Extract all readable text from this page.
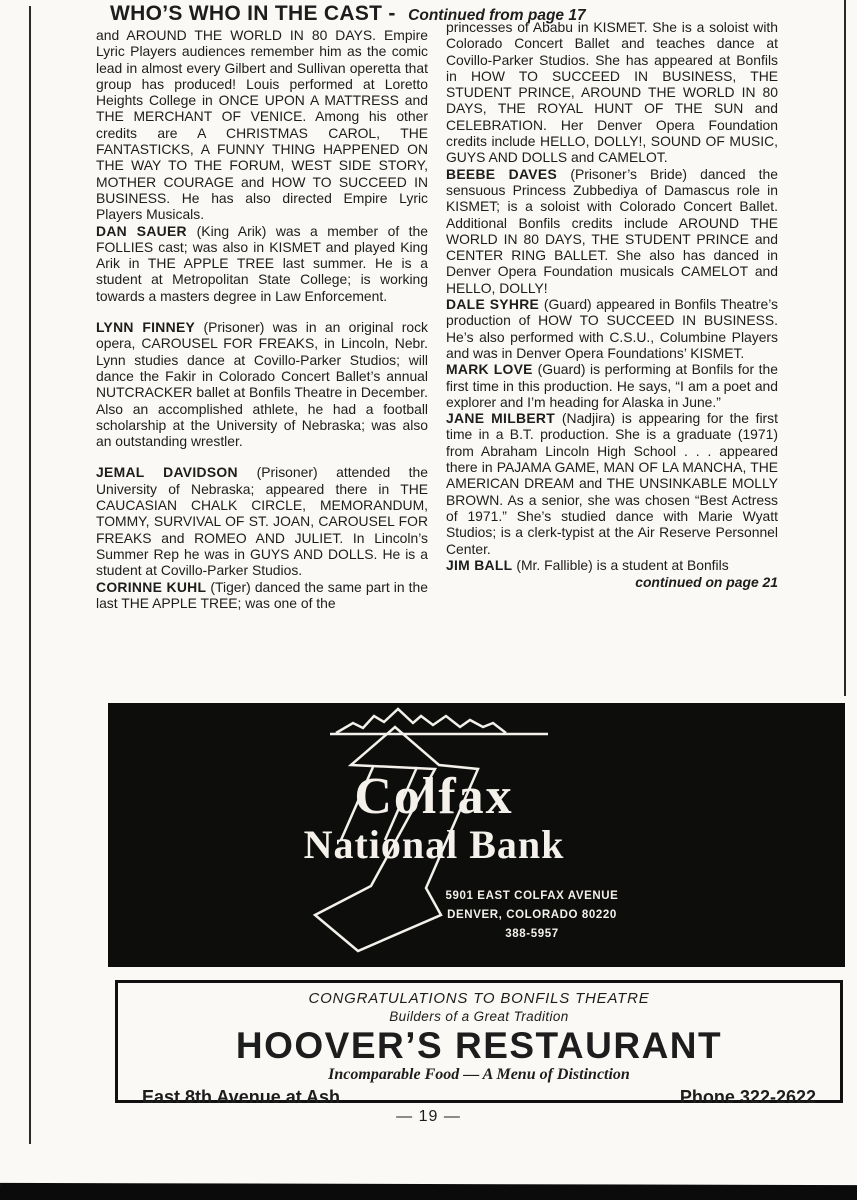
WHO’S WHO IN THE CAST - Continued from page 17

and AROUND THE WORLD IN 80 DAYS. Empire Lyric Players audiences remember him as the comic lead in almost every Gilbert and Sullivan operetta that group has produced! Louis performed at Loretto Heights College in ONCE UPON A MATTRESS and THE MERCHANT OF VENICE. Among his other credits are A CHRISTMAS CAROL, THE FANTASTICKS, A FUNNY THING HAPPENED ON THE WAY TO THE FORUM, WEST SIDE STORY, MOTHER COURAGE and HOW TO SUCCEED IN BUSINESS. He has also directed Empire Lyric Players Musicals.

DAN SAUER (King Arik) was a member of the FOLLIES cast; was also in KISMET and played King Arik in THE APPLE TREE last summer. He is a student at Metropolitan State College; is working towards a masters degree in Law Enforcement.

LYNN FINNEY (Prisoner) was in an original rock opera, CAROUSEL FOR FREAKS, in Lincoln, Nebr. Lynn studies dance at Covillo-Parker Studios; will dance the Fakir in Colorado Concert Ballet’s annual NUTCRACKER ballet at Bonfils Theatre in December. Also an accomplished athlete, he had a football scholarship at the University of Nebraska; was also an outstanding wrestler.

JEMAL DAVIDSON (Prisoner) attended the University of Nebraska; appeared there in THE CAUCASIAN CHALK CIRCLE, MEMORANDUM, TOMMY, SURVIVAL OF ST. JOAN, CAROUSEL FOR FREAKS and ROMEO AND JULIET. In Lincoln’s Summer Rep he was in GUYS AND DOLLS. He is a student at Covillo-Parker Studios.

CORINNE KUHL (Tiger) danced the same part in the last THE APPLE TREE; was one of the

princesses of Ababu in KISMET. She is a soloist with Colorado Concert Ballet and teaches dance at Covillo-Parker Studios. She has appeared at Bonfils in HOW TO SUCCEED IN BUSINESS, THE STUDENT PRINCE, AROUND THE WORLD IN 80 DAYS, THE ROYAL HUNT OF THE SUN and CELEBRATION. Her Denver Opera Foundation credits include HELLO, DOLLY!, SOUND OF MUSIC, GUYS AND DOLLS and CAMELOT.

BEEBE DAVES (Prisoner’s Bride) danced the sensuous Princess Zubbediya of Damascus role in KISMET; is a soloist with Colorado Concert Ballet. Additional Bonfils credits include AROUND THE WORLD IN 80 DAYS, THE STUDENT PRINCE and CENTER RING BALLET. She also has danced in Denver Opera Foundation musicals CAMELOT and HELLO, DOLLY!

DALE SYHRE (Guard) appeared in Bonfils Theatre’s production of HOW TO SUCCEED IN BUSINESS. He’s also performed with C.S.U., Columbine Players and was in Denver Opera Foundations’ KISMET.

MARK LOVE (Guard) is performing at Bonfils for the first time in this production. He says, “I am a poet and explorer and I’m heading for Alaska in June.”

JANE MILBERT (Nadjira) is appearing for the first time in a B.T. production. She is a graduate (1971) from Abraham Lincoln High School . . . appeared there in PAJAMA GAME, MAN OF LA MANCHA, THE AMERICAN DREAM and THE UNSINKABLE MOLLY BROWN. As a senior, she was chosen “Best Actress of 1971.” She’s studied dance with Marie Wyatt Studios; is a clerk-typist at the Air Reserve Personnel Center.

JIM BALL (Mr. Fallible) is a student at Bonfils

continued on page 21
Colfax
National Bank
5901 EAST COLFAX AVENUE
DENVER, COLORADO 80220
388-5957
CONGRATULATIONS TO BONFILS THEATRE
Builders of a Great Tradition
HOOVER’S RESTAURANT
Incomparable Food — A Menu of Distinction
East 8th Avenue at Ash	Phone 322-2622
— 19 —
